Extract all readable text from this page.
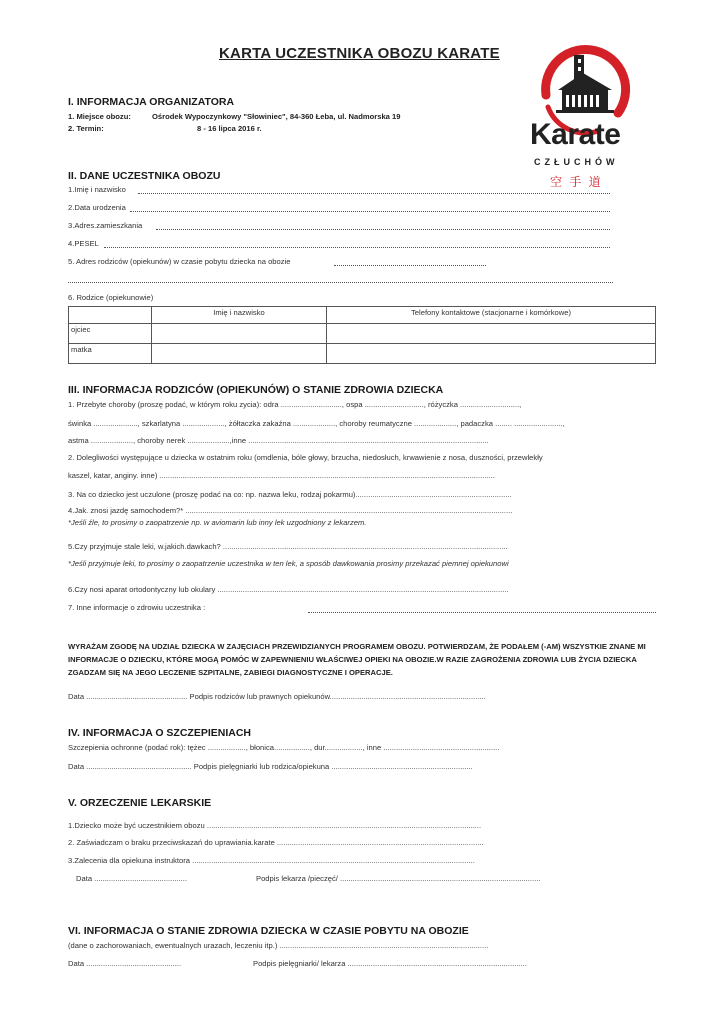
KARTA UCZESTNIKA OBOZU KARATE
Karate
CZŁUCHÓW
空 手 道
I. INFORMACJA ORGANIZATORA
1. Miejsce obozu:	Ośrodek Wypoczynkowy "Słowiniec", 84-360 Łeba, ul. Nadmorska 19
2. Termin:	8 - 16 lipca 2016 r.
II. DANE UCZESTNIKA OBOZU
1.Imię i nazwisko
2.Data urodzenia
3.Adres.zamieszkania
4.PESEL
5. Adres rodziców (opiekunów) w czasie pobytu dziecka na obozie
6. Rodzice (opiekunowie)
	Imię i nazwisko	Telefony kontaktowe (stacjonarne i komórkowe)
ojciec		
matka		
III. INFORMACJA RODZICÓW (OPIEKUNÓW) O STANIE ZDROWIA DZIECKA
1. Przebyte choroby (proszę podać, w którym roku zycia): odra ............................., ospa ............................, różyczka ............................,
świnka ....................., szkarlatyna ...................., żółtaczka zakaźna ...................., choroby reumatyczne ...................., padaczka ........ .......................,
astma ...................., choroby nerek ....................,inne ..................................................................................................................
2. Dolegliwości występujące u dziecka w ostatnim roku (omdlenia, bóle głowy, brzucha, niedosłuch, krwawienie z nosa, duszności, przewlekły
kaszel, katar, anginy. inne) ...............................................................................................................................................................
3. Na co dziecko jest uczulone (proszę podać na co: np. nazwa leku, rodzaj pokarmu)..........................................................................
4.Jak. znosi jazdę samochodem?* ...........................................................................................................................................................
*Jeśli źle, to prosimy o zaopatrzenie np. w aviomarin lub inny lek uzgodniony z lekarzem.
5.Czy przyjmuje stale leki, w.jakich.dawkach? .......................................................................................................................................
*Jeśli przyjmuje leki, to prosimy o zaopatrzenie uczestnika w ten lek, a sposób dawkowania prosimy przekazać piemnej opiekunowi
6.Czy nosi aparat ortodontyczny lub okulary ..........................................................................................................................................
7. Inne informacje o zdrowiu uczestnika :
WYRAŻAM ZGODĘ NA UDZIAŁ DZIECKA W ZAJĘCIACH PRZEWIDZIANYCH PROGRAMEM OBOZU. POTWIERDZAM, ŻE PODAŁEM (-AM) WSZYSTKIE ZNANE MI INFORMACJE O DZIECKU, KTÓRE MOGĄ POMÓC W ZAPEWNIENIU WŁAŚCIWEJ OPIEKI NA OBOZIE.W RAZIE ZAGROŻENIA ZDROWIA LUB ŻYCIA DZIECKA ZGADZAM SIĘ NA JEGO LECZENIE SZPITALNE, ZABIEGI DIAGNOSTYCZNE I OPERACJE.
Data ................................................ Podpis rodziców lub prawnych opiekunów..........................................................................
IV. INFORMACJA O SZCZEPIENIACH
Szczepienia ochronne (podać rok): tężec .................., błonica................., dur.................., inne .......................................................
Data .................................................. Podpis pielęgniarki lub rodzica/opiekuna ...................................................................
V. ORZECZENIE LEKARSKIE
1.Dziecko może być uczestnikiem obozu ..................................................................................................................................
2. Zaświadczam o braku przeciwskazań do uprawiania.karate ..................................................................................................
3.Zalecenia dla opiekuna instruktora ......................................................................................................................................
Data ............................................	Podpis lekarza /pieczęć/ ...............................................................................................
VI. INFORMACJA O STANIE ZDROWIA DZIECKA W CZASIE POBYTU NA OBOZIE
(dane o zachorowaniach, ewentualnych urazach, leczeniu itp.) ...................................................................................................
Data .............................................	Podpis pielęgniarki/ lekarza .....................................................................................
